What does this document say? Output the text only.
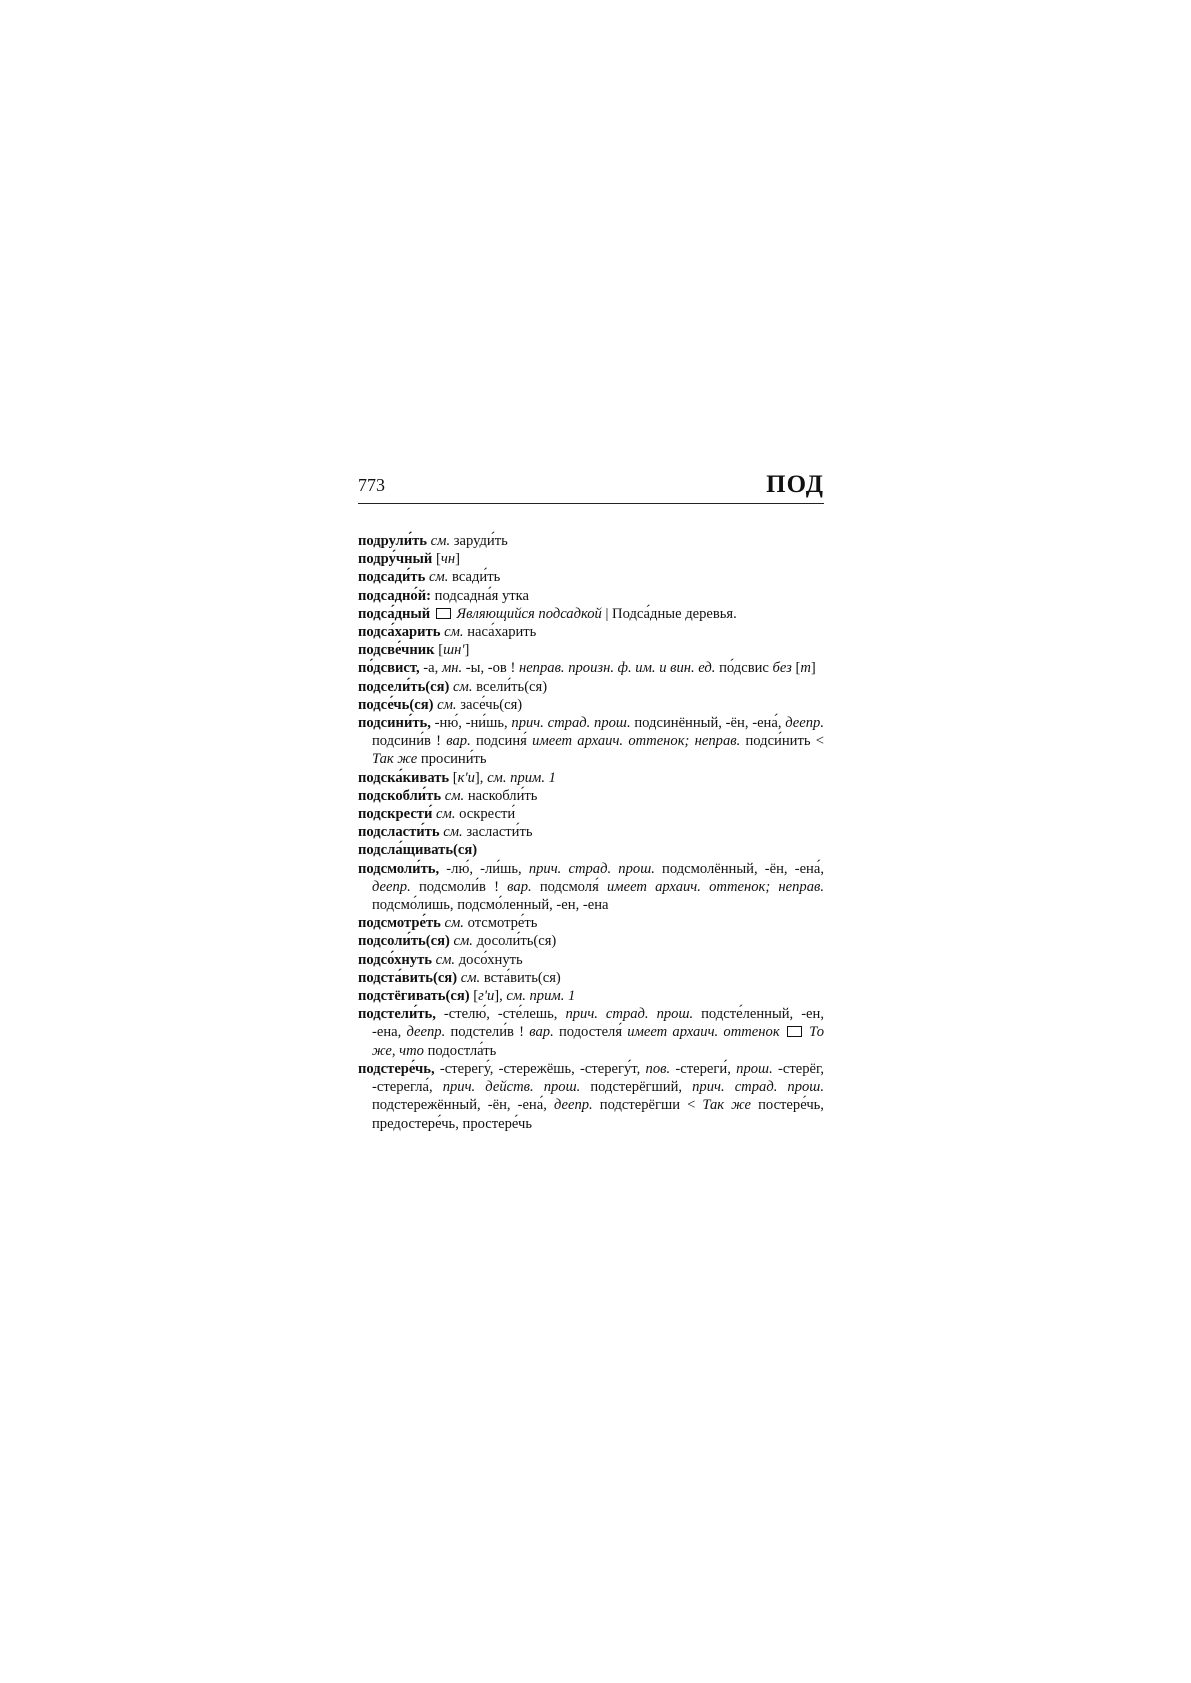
773	ПОД

подрули́ть см. заруди́ть

подру́чный [чн]

подсади́ть см. всади́ть

подсадно́й: подсадна́я утка

подса́дный Являющийся подсадкой | Подса́дные деревья.

подса́харить см. наса́харить

подсве́чник [шн']

по́дсвист, -а, мн. -ы, -ов ! неправ. произн. ф. им. и вин. ед. по́дсвис без [т]

подсели́ть(ся) см. всели́ть(ся)

подсе́чь(ся) см. засе́чь(ся)

подсини́ть, -ню́, -ни́шь, прич. страд. прош. подсинённый, -ён, -ена́, деепр. подсини́в ! вар. подсиня́ имеет архаич. оттенок; неправ. подси́нить < Так же просини́ть

подска́кивать [к'и], см. прим. 1

подскобли́ть см. наскобли́ть

подскрести́ см. оскрести́

подсласти́ть см. засласти́ть

подсла́щивать(ся)

подсмоли́ть, -лю́, -ли́шь, прич. страд. прош. подсмолённый, -ён, -ена́, деепр. подсмоли́в ! вар. подсмоля́ имеет архаич. оттенок; неправ. подсмо́лишь, подсмо́ленный, -ен, -ена

подсмотре́ть см. отсмотре́ть

подсоли́ть(ся) см. досоли́ть(ся)

подсо́хнуть см. досо́хнуть

подста́вить(ся) см. вста́вить(ся)

подстёгивать(ся) [г'и], см. прим. 1

подстели́ть, -стелю́, -сте́лешь, прич. страд. прош. подсте́ленный, -ен, -ена, деепр. подстели́в ! вар. подостеля́ имеет архаич. оттенок То же, что подостла́ть

подстере́чь, -стерегу́, -стережёшь, -стерегу́т, пов. -стереги́, прош. -стерёг, -стерегла́, прич. действ. прош. подстерёгший, прич. страд. прош. подстережённый, -ён, -ена́, деепр. подстерёгши < Так же постере́чь, предостере́чь, простере́чь
